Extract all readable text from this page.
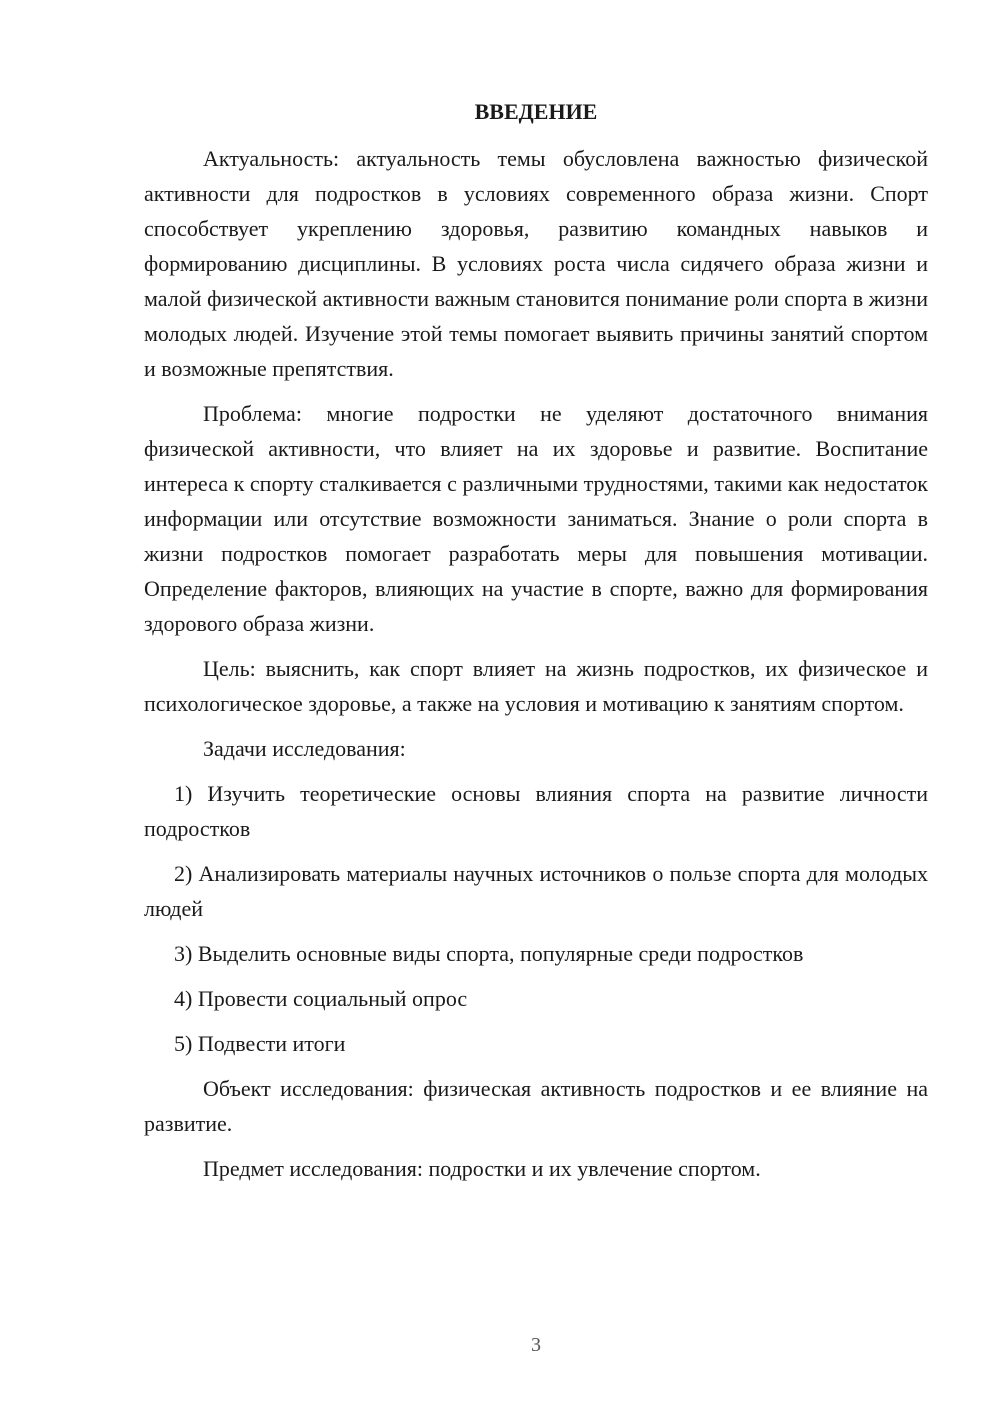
ВВЕДЕНИЕ

Актуальность: актуальность темы обусловлена важностью физической активности для подростков в условиях современного образа жизни. Спорт способствует укреплению здоровья, развитию командных навыков и формированию дисциплины. В условиях роста числа сидячего образа жизни и малой физической активности важным становится понимание роли спорта в жизни молодых людей. Изучение этой темы помогает выявить причины занятий спортом и возможные препятствия.

Проблема: многие подростки не уделяют достаточного внимания физической активности, что влияет на их здоровье и развитие. Воспитание интереса к спорту сталкивается с различными трудностями, такими как недостаток информации или отсутствие возможности заниматься. Знание о роли спорта в жизни подростков помогает разработать меры для повышения мотивации. Определение факторов, влияющих на участие в спорте, важно для формирования здорового образа жизни.

Цель: выяснить, как спорт влияет на жизнь подростков, их физическое и психологическое здоровье, а также на условия и мотивацию к занятиям спортом.

Задачи исследования:

1) Изучить теоретические основы влияния спорта на развитие личности подростков

2) Анализировать материалы научных источников о пользе спорта для молодых людей

3) Выделить основные виды спорта, популярные среди подростков

4) Провести социальный опрос

5) Подвести итоги

Объект исследования: физическая активность подростков и ее влияние на развитие.

Предмет исследования: подростки и их увлечение спортом.

3
